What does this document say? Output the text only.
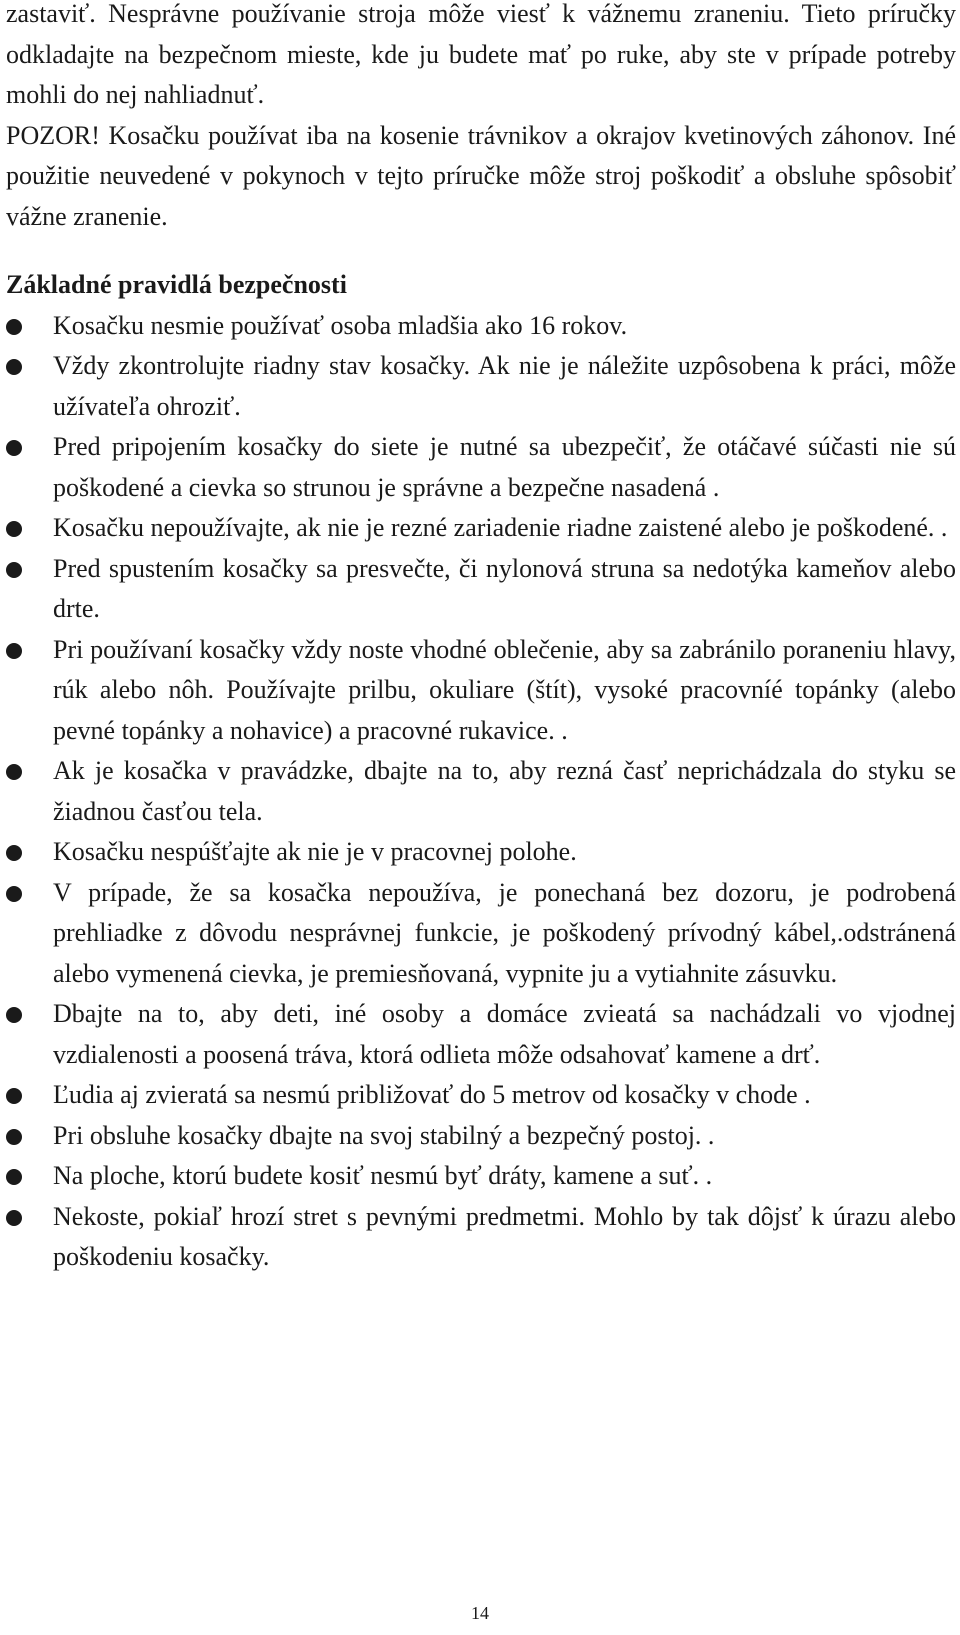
zastaviť. Nesprávne používanie stroja môže viesť k vážnemu zraneniu. Tieto príručky odkladajte na bezpečnom mieste, kde ju budete mať po ruke, aby ste v prípade potreby mohli do nej nahliadnuť.

POZOR! Kosačku používat iba na kosenie trávnikov a okrajov kvetinových záhonov. Iné použitie neuvedené v pokynoch v tejto príručke môže stroj poškodiť a obsluhe spôsobiť vážne zranenie.

Základné pravidlá bezpečnosti
Kosačku nesmie používať osoba mladšia ako 16 rokov.
Vždy zkontrolujte riadny stav kosačky. Ak nie je náležite uzpôsobena k práci, môže užívateľa ohroziť.
Pred pripojením kosačky do siete je nutné sa ubezpečiť, že otáčavé súčasti nie sú poškodené a cievka so strunou je správne a bezpečne nasadená .
Kosačku nepoužívajte, ak nie je rezné zariadenie riadne zaistené alebo je poškodené. .
Pred spustením kosačky sa presvečte, či nylonová struna sa nedotýka kameňov alebo drte.
Pri používaní kosačky vždy noste vhodné oblečenie, aby sa zabránilo poraneniu hlavy, rúk alebo nôh. Používajte prilbu, okuliare (štít), vysoké pracovníé topánky (alebo pevné topánky a nohavice) a pracovné rukavice. .
Ak je kosačka v pravádzke, dbajte na to, aby rezná časť neprichádzala do styku se žiadnou časťou tela.
Kosačku nespúšťajte ak nie je v pracovnej polohe.
V prípade, že sa kosačka nepoužíva, je ponechaná bez dozoru, je podrobená prehliadke z dôvodu nesprávnej funkcie, je poškodený prívodný kábel,.odstránená alebo vymenená cievka, je premiesňovaná, vypnite ju a vytiahnite zásuvku.
Dbajte na to, aby deti, iné osoby a domáce zvieatá sa nachádzali vo vjodnej vzdialenosti a poosená tráva, ktorá odlieta môže odsahovať kamene a drť.
Ľudia aj zvieratá sa nesmú približovať do 5 metrov od kosačky v chode .
Pri obsluhe kosačky dbajte na svoj stabilný a bezpečný postoj. .
Na ploche, ktorú budete kosiť nesmú byť dráty, kamene a suť. .
Nekoste, pokiaľ hrozí stret s pevnými predmetmi. Mohlo by tak dôjsť k úrazu alebo poškodeniu kosačky.
14
